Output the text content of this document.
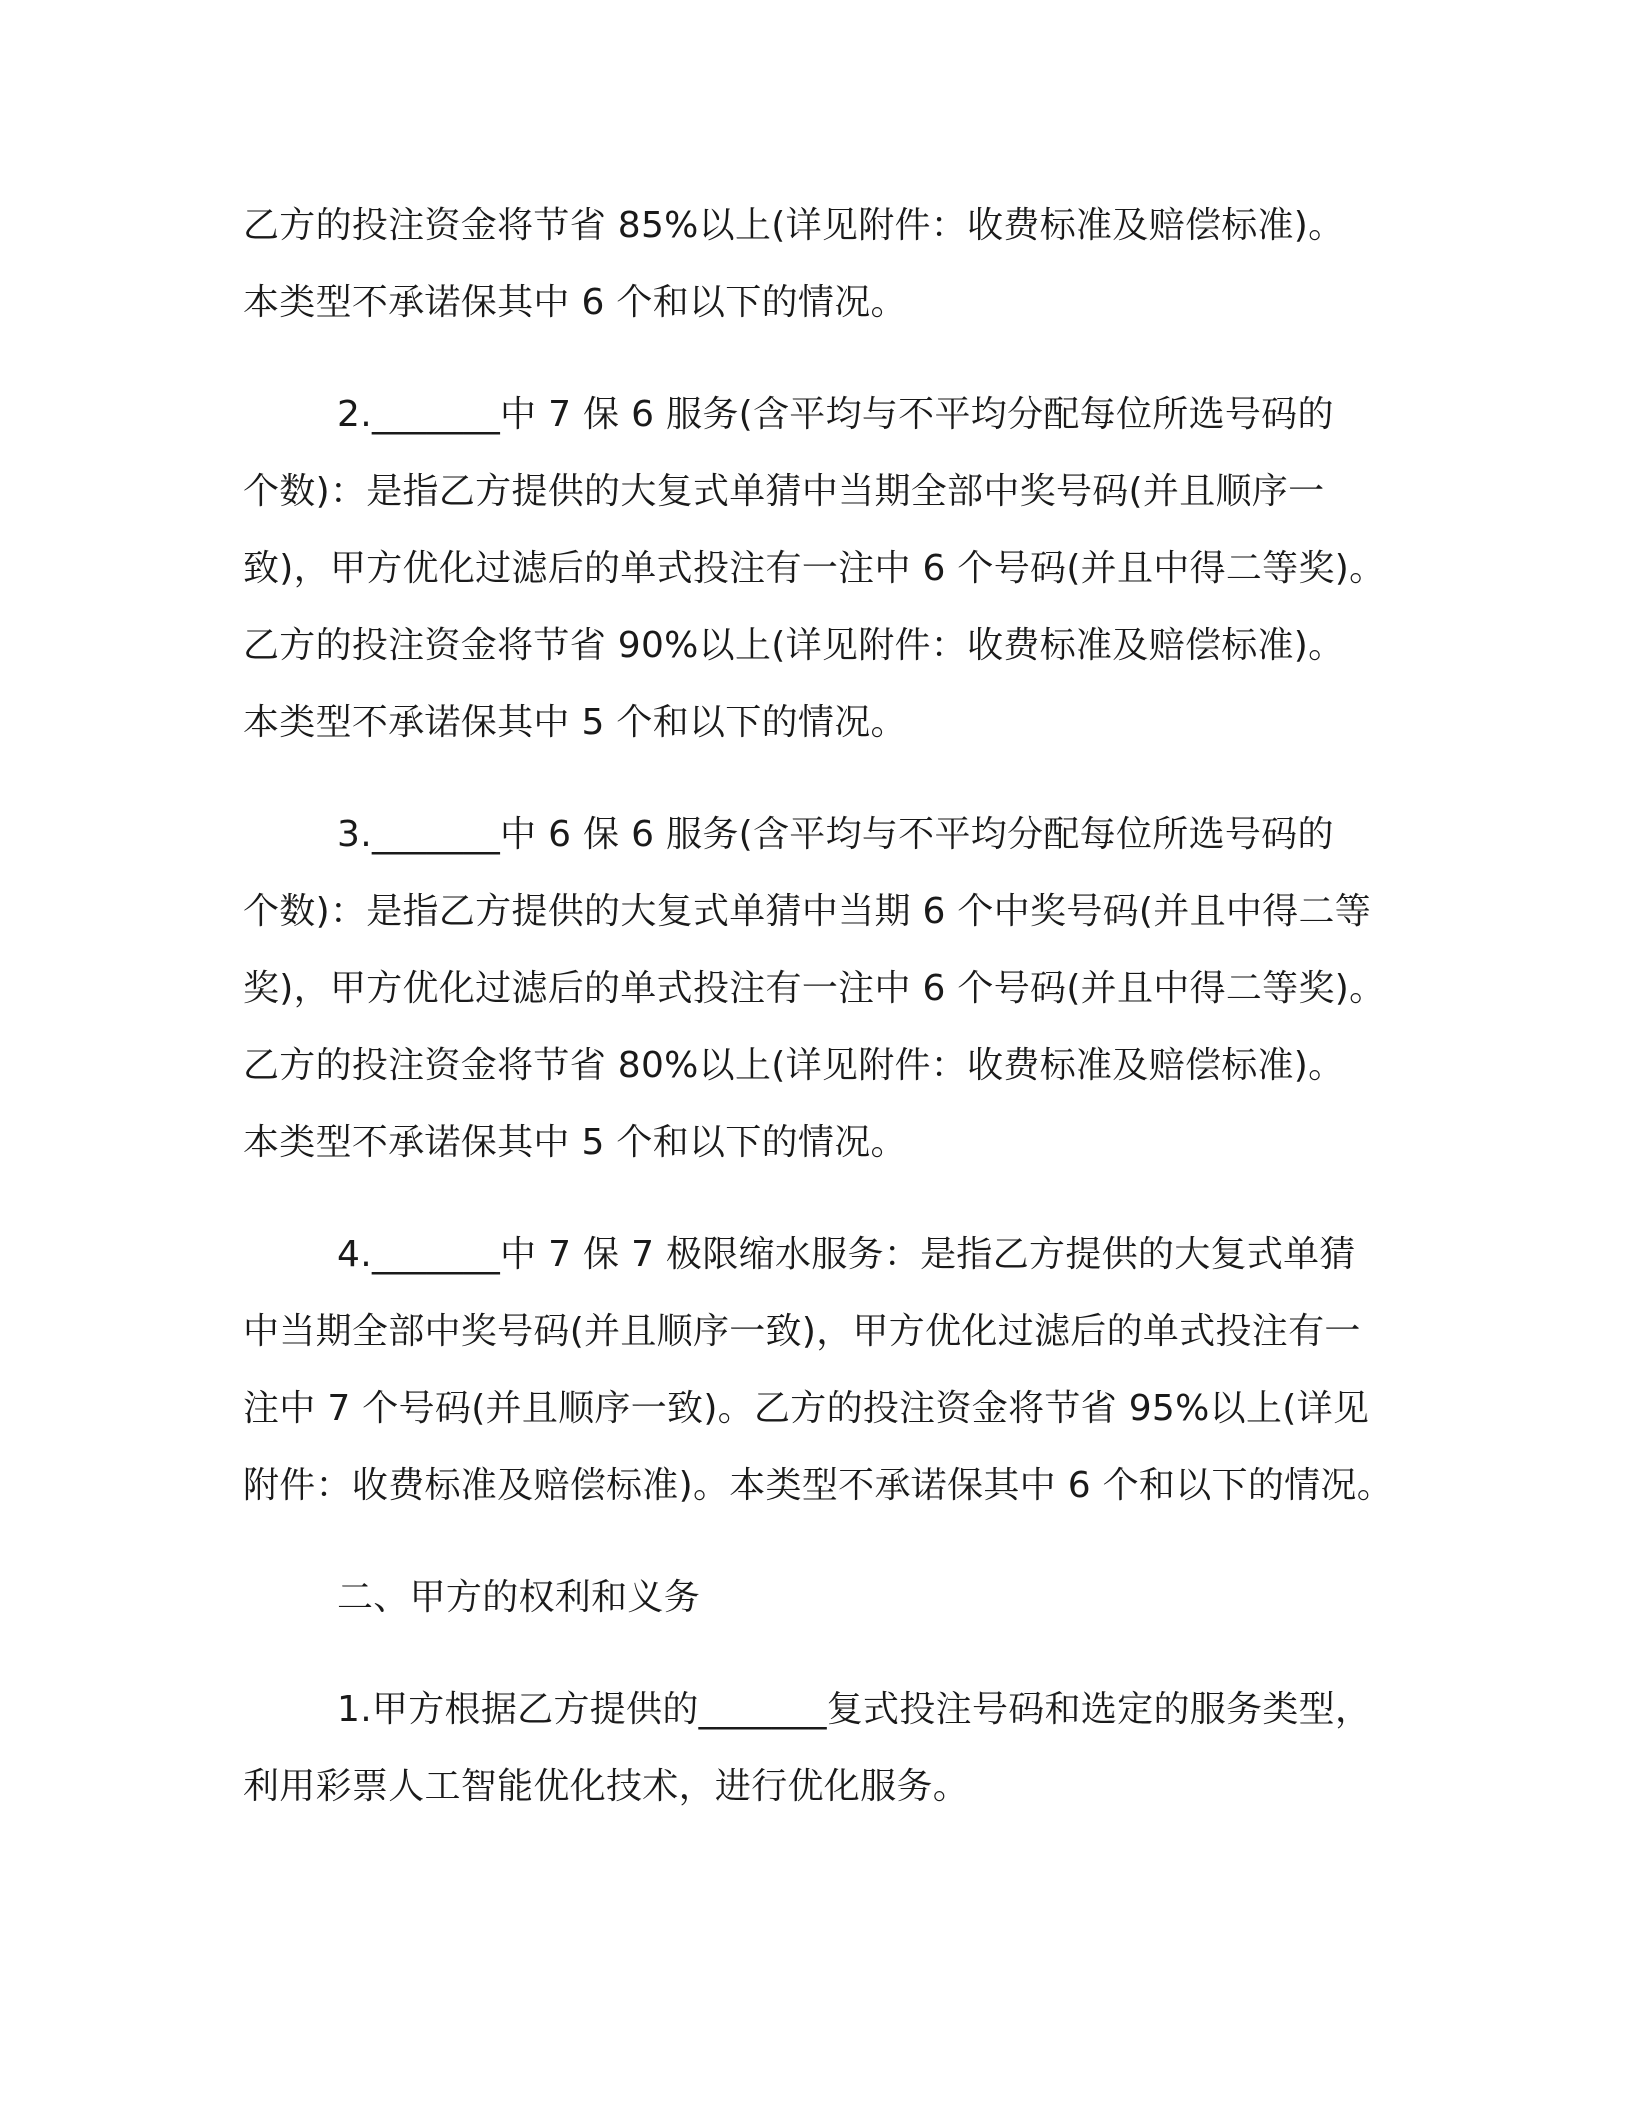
乙方的投注资金将节省 85%以上(详见附件：收费标准及赔偿标准)。
本类型不承诺保其中 6 个和以下的情况。
2._______中 7 保 6 服务(含平均与不平均分配每位所选号码的
个数)：是指乙方提供的大复式单猜中当期全部中奖号码(并且顺序一
致)，甲方优化过滤后的单式投注有一注中 6 个号码(并且中得二等奖)。
乙方的投注资金将节省 90%以上(详见附件：收费标准及赔偿标准)。
本类型不承诺保其中 5 个和以下的情况。
3._______中 6 保 6 服务(含平均与不平均分配每位所选号码的
个数)：是指乙方提供的大复式单猜中当期 6 个中奖号码(并且中得二等
奖)，甲方优化过滤后的单式投注有一注中 6 个号码(并且中得二等奖)。
乙方的投注资金将节省 80%以上(详见附件：收费标准及赔偿标准)。
本类型不承诺保其中 5 个和以下的情况。
4._______中 7 保 7 极限缩水服务：是指乙方提供的大复式单猜
中当期全部中奖号码(并且顺序一致)，甲方优化过滤后的单式投注有一
注中 7 个号码(并且顺序一致)。乙方的投注资金将节省 95%以上(详见
附件：收费标准及赔偿标准)。本类型不承诺保其中 6 个和以下的情况。
二、甲方的权利和义务
1.甲方根据乙方提供的_______复式投注号码和选定的服务类型，
利用彩票人工智能优化技术，进行优化服务。
